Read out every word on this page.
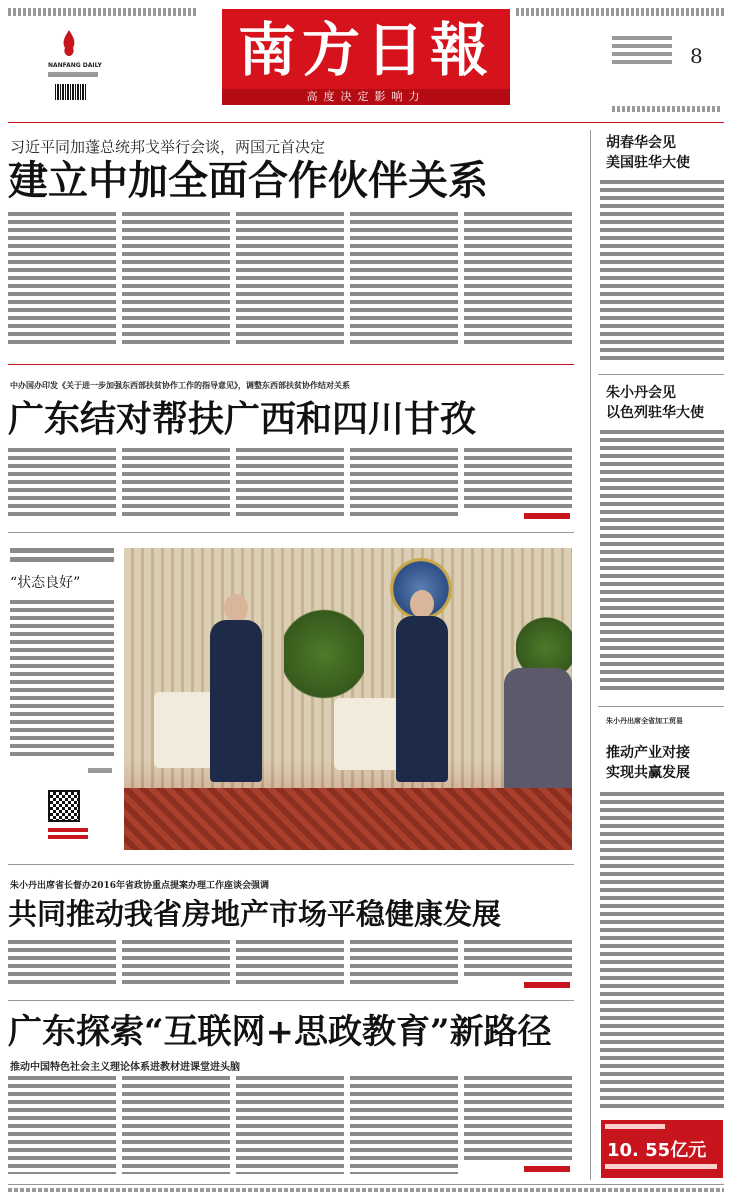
NANFANG DAILY 南方日報
高度决定影响力
8
习近平同加蓬总统邦戈举行会谈，两国元首决定
建立中加全面合作伙伴关系
中办国办印发《关于进一步加强东西部扶贫协作工作的指导意见》，调整东西部扶贫协作结对关系
广东结对帮扶广西和四川甘孜
“状态良好”
朱小丹出席省长督办2016年省政协重点提案办理工作座谈会强调
共同推动我省房地产市场平稳健康发展
广东探索“互联网+思政教育”新路径
推动中国特色社会主义理论体系进教材进课堂进头脑
胡春华会见
美国驻华大使
朱小丹会见
以色列驻华大使
朱小丹出席全省加工贸易
推动产业对接
实现共赢发展
10. 55亿元
